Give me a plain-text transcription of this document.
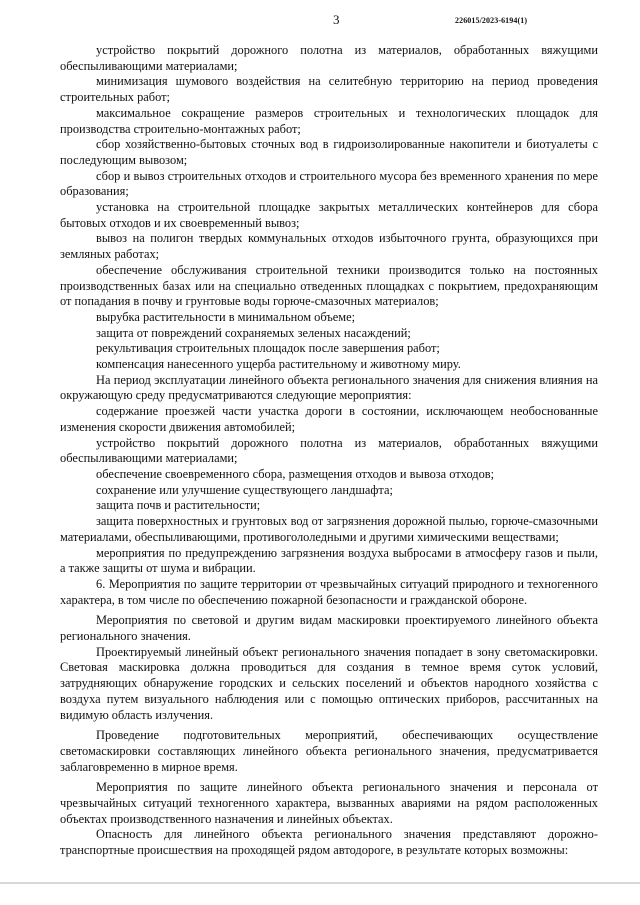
3	226015/2023-6194(1)

устройство покрытий дорожного полотна из материалов, обработанных вяжущими обеспыливающими материалами;

минимизация шумового воздействия на селитебную территорию на период проведения строительных работ;

максимальное сокращение размеров строительных и технологических площадок для производства строительно-монтажных работ;

сбор хозяйственно-бытовых сточных вод в гидроизолированные накопители и биотуалеты с последующим вывозом;

сбор и вывоз строительных отходов и строительного мусора без временного хранения по мере образования;

установка на строительной площадке закрытых металлических контейнеров для сбора бытовых отходов и их своевременный вывоз;

вывоз на полигон твердых коммунальных отходов избыточного грунта, образующихся при земляных работах;

обеспечение обслуживания строительной техники производится только на постоянных производственных базах или на специально отведенных площадках с покрытием, предохраняющим от попадания в почву и грунтовые воды горюче-смазочных материалов;

вырубка растительности в минимальном объеме;

защита от повреждений сохраняемых зеленых насаждений;

рекультивация строительных площадок после завершения работ;

компенсация нанесенного ущерба растительному и животному миру.

На период эксплуатации линейного объекта регионального значения для снижения влияния на окружающую среду предусматриваются следующие мероприятия:

содержание проезжей части участка дороги в состоянии, исключающем необоснованные изменения скорости движения автомобилей;

устройство покрытий дорожного полотна из материалов, обработанных вяжущими обеспыливающими материалами;

обеспечение своевременного сбора, размещения отходов и вывоза отходов;

сохранение или улучшение существующего ландшафта;

защита почв и растительности;

защита поверхностных и грунтовых вод от загрязнения дорожной пылью, горюче-смазочными материалами, обеспыливающими, противогололедными и другими химическими веществами;

мероприятия по предупреждению загрязнения воздуха выбросами в атмосферу газов и пыли, а также защиты от шума и вибрации.

6. Мероприятия по защите территории от чрезвычайных ситуаций природного и техногенного характера, в том числе по обеспечению пожарной безопасности и гражданской обороне.

Мероприятия по световой и другим видам маскировки проектируемого линейного объекта регионального значения.

Проектируемый линейный объект регионального значения попадает в зону светомаскировки. Световая маскировка должна проводиться для создания в темное время суток условий, затрудняющих обнаружение городских и сельских поселений и объектов народного хозяйства с воздуха путем визуального наблюдения или с помощью оптических приборов, рассчитанных на видимую область излучения.

Проведение подготовительных мероприятий, обеспечивающих осуществление светомаскировки составляющих линейного объекта регионального значения, предусматривается заблаговременно в мирное время.

Мероприятия по защите линейного объекта регионального значения и персонала от чрезвычайных ситуаций техногенного характера, вызванных авариями на рядом расположенных объектах производственного назначения и линейных объектах.

Опасность для линейного объекта регионального значения представляют дорожно-транспортные происшествия на проходящей рядом автодороге, в результате которых возможны:
